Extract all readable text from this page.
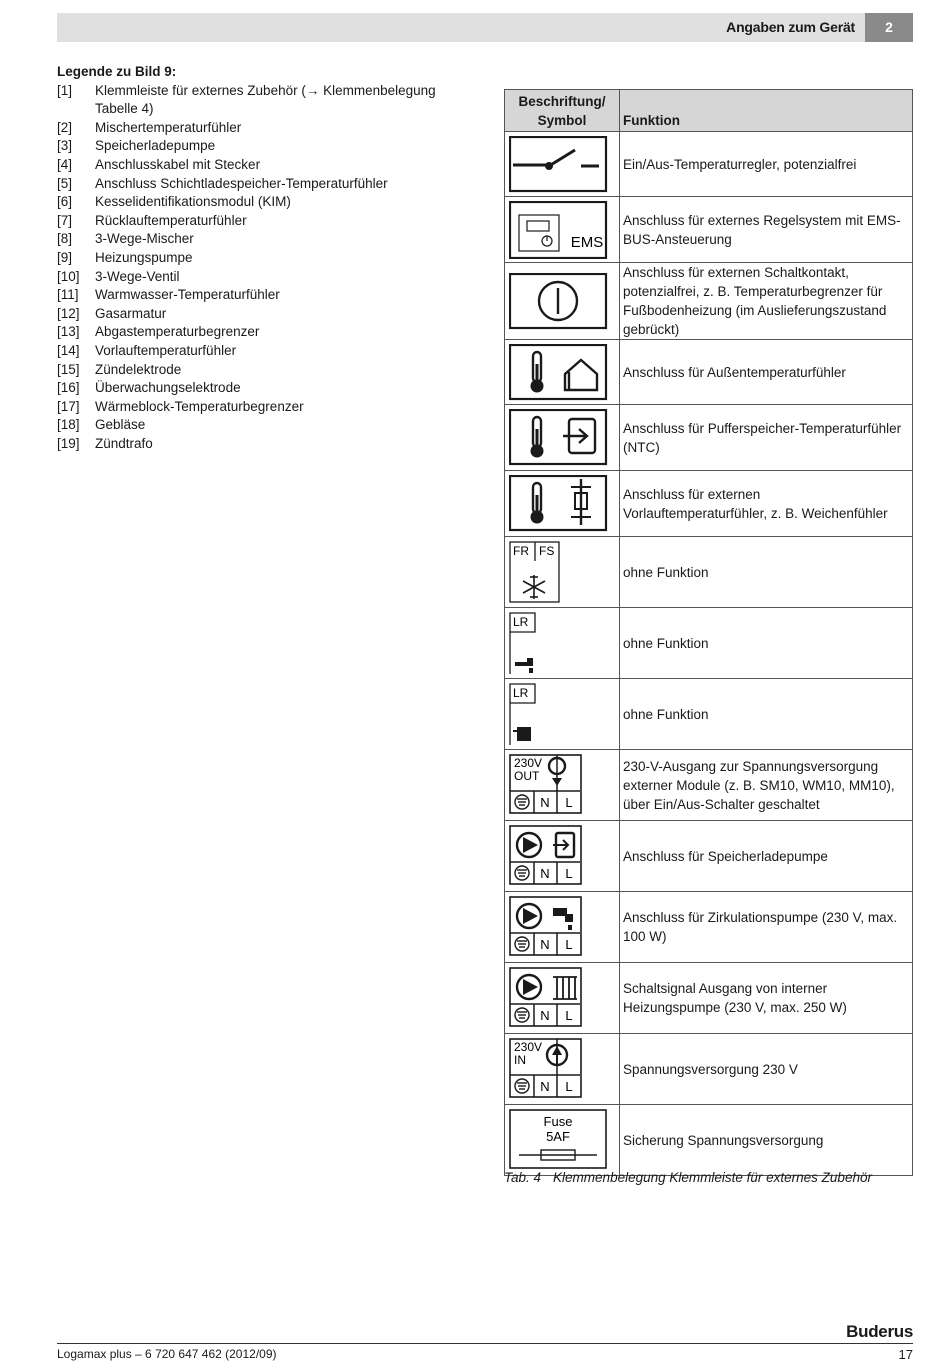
Angaben zum Gerät	2
Legende zu Bild 9:
[1]	Klemmleiste für externes Zubehör (→ Klemmenbelegung Tabelle 4)
[2]	Mischertemperaturfühler
[3]	Speicherladepumpe
[4]	Anschlusskabel mit Stecker
[5]	Anschluss Schichtladespeicher-Temperaturfühler
[6]	Kesselidentifikationsmodul (KIM)
[7]	Rücklauftemperaturfühler
[8]	3-Wege-Mischer
[9]	Heizungspumpe
[10]	3-Wege-Ventil
[11]	Warmwasser-Temperaturfühler
[12]	Gasarmatur
[13]	Abgastemperaturbegrenzer
[14]	Vorlauftemperaturfühler
[15]	Zündelektrode
[16]	Überwachungselektrode
[17]	Wärmeblock-Temperaturbegrenzer
[18]	Gebläse
[19]	Zündtrafo
Beschriftung/ Symbol	Funktion

	Ein/Aus-Temperaturregler, potenzialfrei

EMS	Anschluss für externes Regelsystem mit EMS-BUS-Ansteuerung

	Anschluss für externen Schaltkontakt, potenzialfrei, z. B. Temperaturbegrenzer für Fußbodenheizung (im Auslieferungszustand gebrückt)

	Anschluss für Außentemperaturfühler

	Anschluss für Pufferspeicher-Temperaturfühler (NTC)

	Anschluss für externen Vorlauftemperaturfühler, z. B. Weichenfühler

FR FS	ohne Funktion

LR	ohne Funktion

LR	ohne Funktion

230V
OUT
N L	230-V-Ausgang zur Spannungsversorgung externer Module (z. B. SM10, WM10, MM10), über Ein/Aus-Schalter geschaltet

N L	Anschluss für Speicherladepumpe

N L	Anschluss für Zirkulationspumpe (230 V, max. 100 W)

N L	Schaltsignal Ausgang von interner Heizungspumpe (230 V, max. 250 W)

230V
IN
N L	Spannungsversorgung 230 V

Fuse
5AF	Sicherung Spannungsversorgung
Tab. 4 Klemmenbelegung Klemmleiste für externes Zubehör
Logamax plus – 6 720 647 462 (2012/09)
Buderus
17
